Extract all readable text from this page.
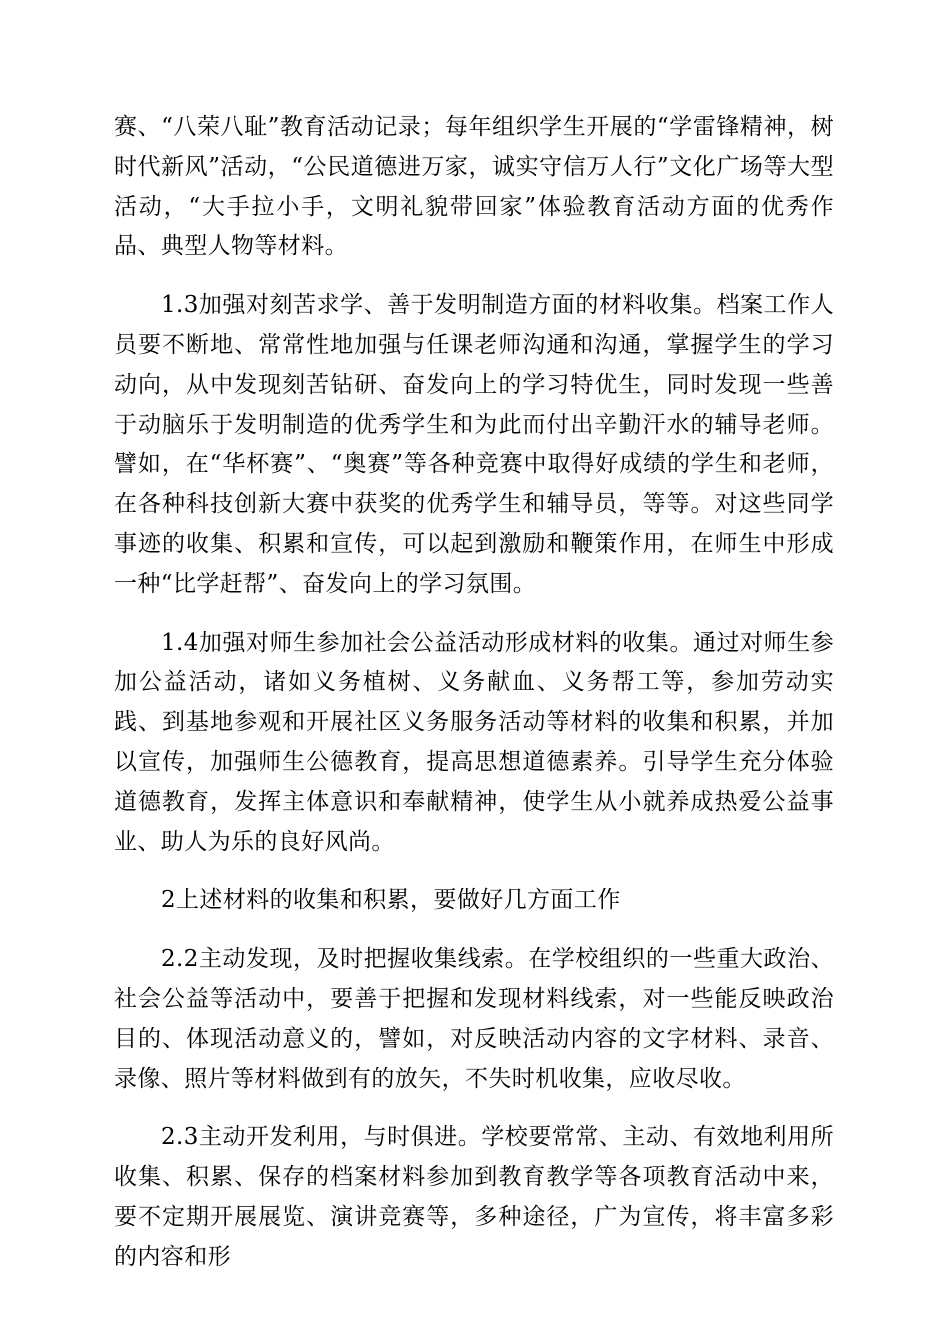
赛、“八荣八耻”教育活动记录；每年组织学生开展的“学雷锋精神，树时代新风”活动，“公民道德进万家，诚实守信万人行”文化广场等大型活动，“大手拉小手，文明礼貌带回家”体验教育活动方面的优秀作品、典型人物等材料。

1.3加强对刻苦求学、善于发明制造方面的材料收集。档案工作人员要不断地、常常性地加强与任课老师沟通和沟通，掌握学生的学习动向，从中发现刻苦钻研、奋发向上的学习特优生，同时发现一些善于动脑乐于发明制造的优秀学生和为此而付出辛勤汗水的辅导老师。譬如，在“华杯赛”、“奥赛”等各种竞赛中取得好成绩的学生和老师，在各种科技创新大赛中获奖的优秀学生和辅导员，等等。对这些同学事迹的收集、积累和宣传，可以起到激励和鞭策作用，在师生中形成一种“比学赶帮”、奋发向上的学习氛围。

1.4加强对师生参加社会公益活动形成材料的收集。通过对师生参加公益活动，诸如义务植树、义务献血、义务帮工等，参加劳动实践、到基地参观和开展社区义务服务活动等材料的收集和积累，并加以宣传，加强师生公德教育，提高思想道德素养。引导学生充分体验道德教育，发挥主体意识和奉献精神，使学生从小就养成热爱公益事业、助人为乐的良好风尚。

2上述材料的收集和积累，要做好几方面工作

2.2主动发现，及时把握收集线索。在学校组织的一些重大政治、社会公益等活动中，要善于把握和发现材料线索，对一些能反映政治目的、体现活动意义的，譬如，对反映活动内容的文字材料、录音、录像、照片等材料做到有的放矢，不失时机收集，应收尽收。

2.3主动开发利用，与时俱进。学校要常常、主动、有效地利用所收集、积累、保存的档案材料参加到教育教学等各项教育活动中来，要不定期开展展览、演讲竞赛等，多种途径，广为宣传，将丰富多彩的内容和形
